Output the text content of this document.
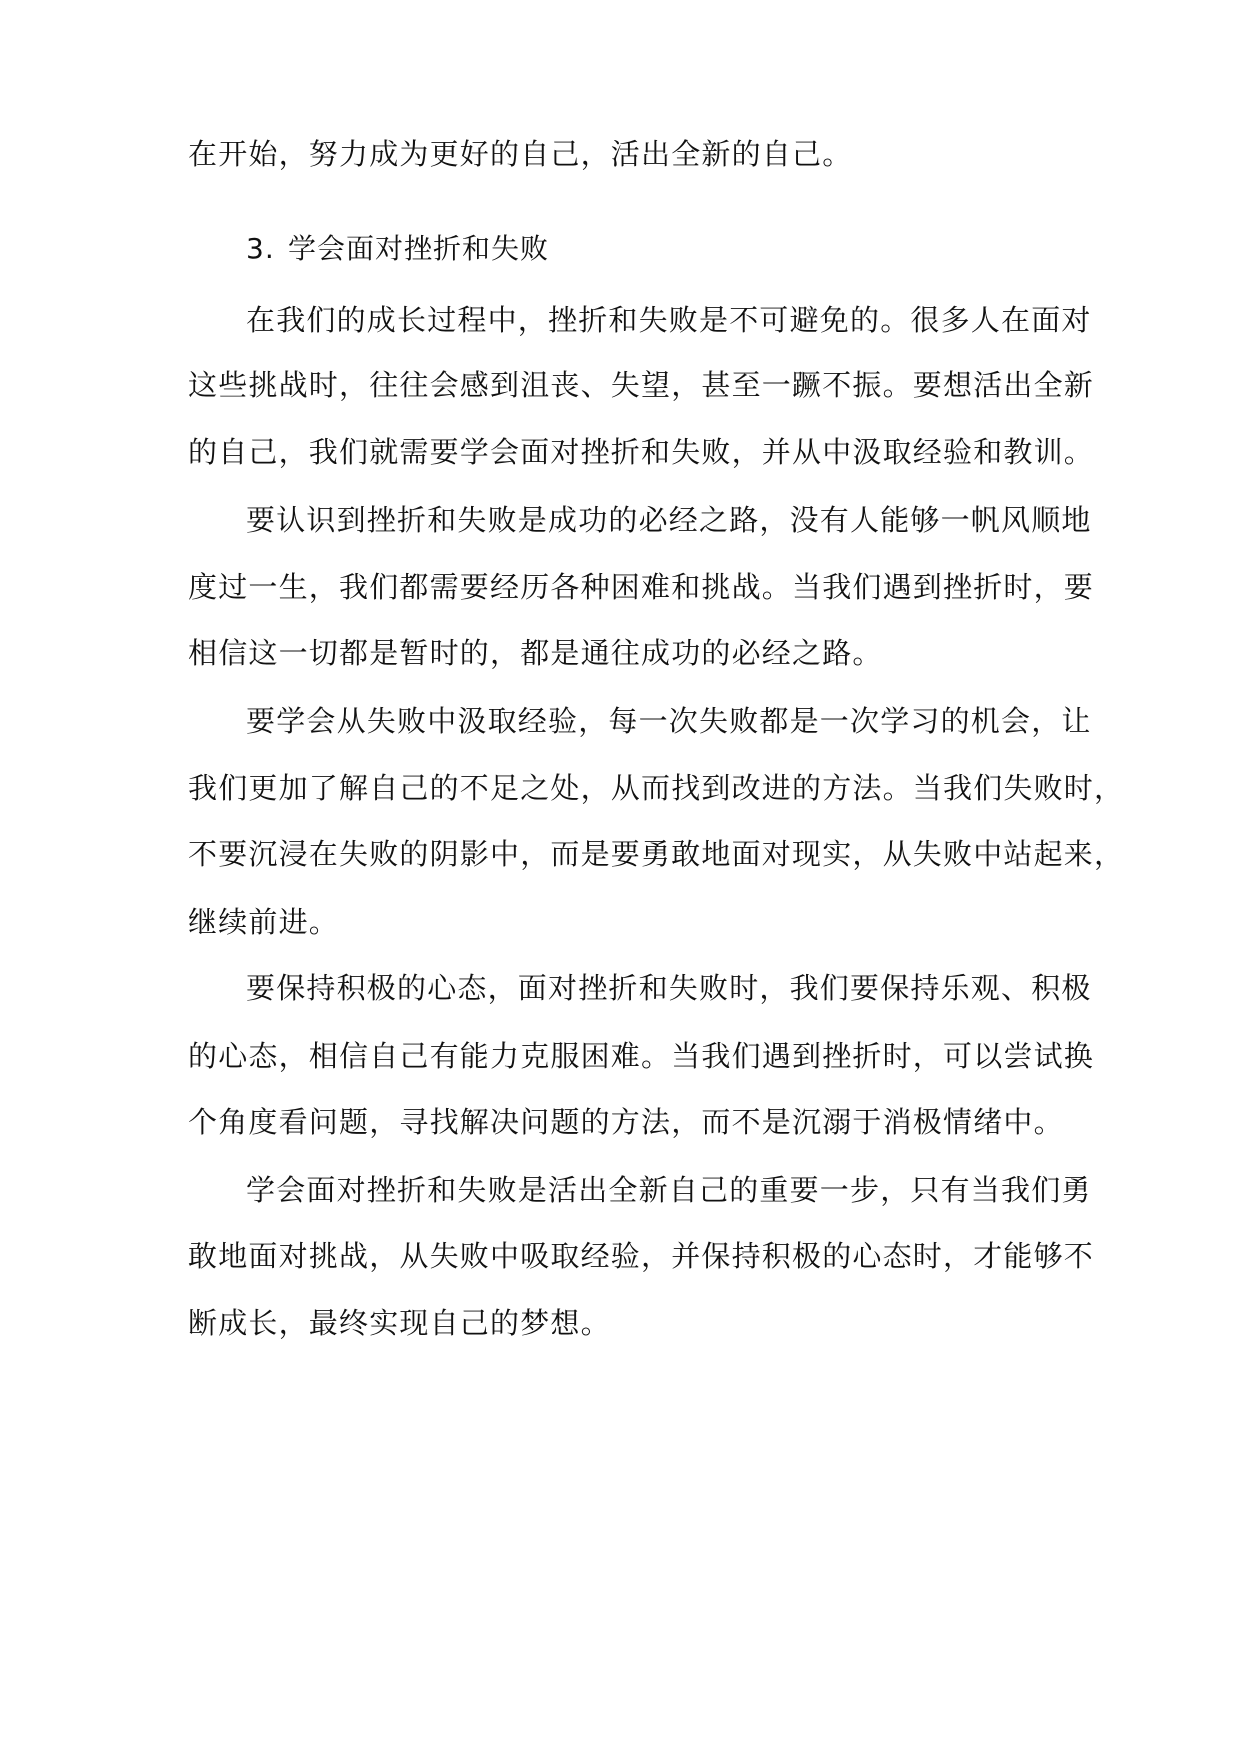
在开始，努力成为更好的自己，活出全新的自己。
3. 学会面对挫折和失败
在我们的成长过程中，挫折和失败是不可避免的。很多人在面对
这些挑战时，往往会感到沮丧、失望，甚至一蹶不振。要想活出全新
的自己，我们就需要学会面对挫折和失败，并从中汲取经验和教训。
要认识到挫折和失败是成功的必经之路，没有人能够一帆风顺地
度过一生，我们都需要经历各种困难和挑战。当我们遇到挫折时，要
相信这一切都是暂时的，都是通往成功的必经之路。
要学会从失败中汲取经验，每一次失败都是一次学习的机会，让
我们更加了解自己的不足之处，从而找到改进的方法。当我们失败时，
不要沉浸在失败的阴影中，而是要勇敢地面对现实，从失败中站起来，
继续前进。
要保持积极的心态，面对挫折和失败时，我们要保持乐观、积极
的心态，相信自己有能力克服困难。当我们遇到挫折时，可以尝试换
个角度看问题，寻找解决问题的方法，而不是沉溺于消极情绪中。
学会面对挫折和失败是活出全新自己的重要一步，只有当我们勇
敢地面对挑战，从失败中吸取经验，并保持积极的心态时，才能够不
断成长，最终实现自己的梦想。
